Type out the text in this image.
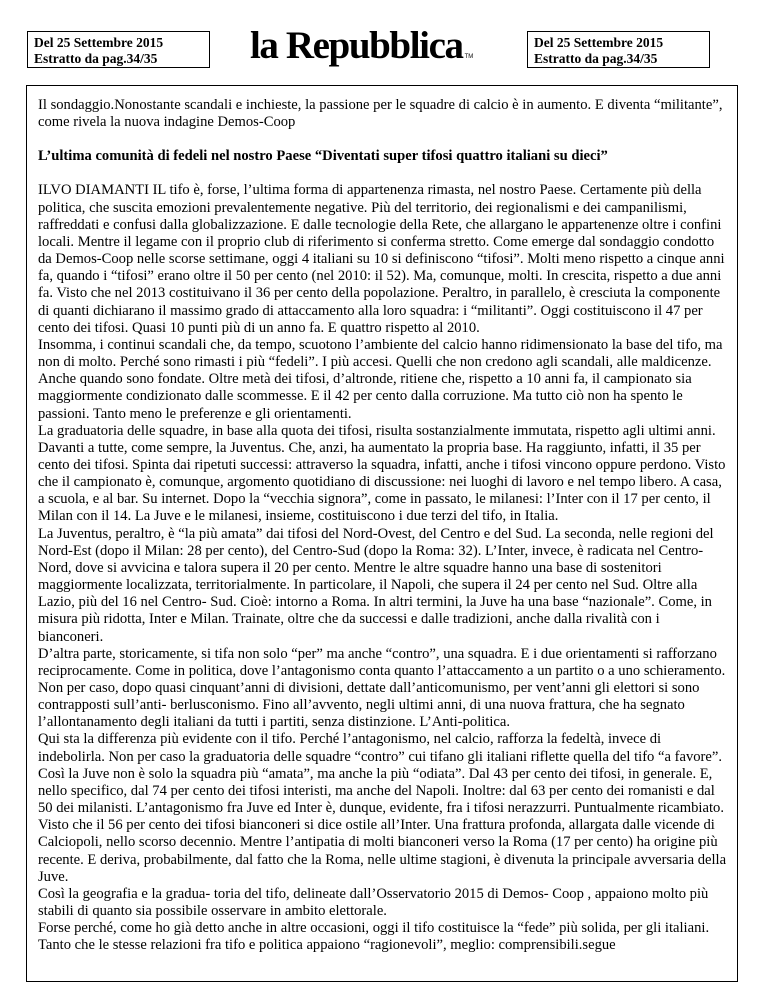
Del 25 Settembre 2015
Estratto da pag.34/35	la Repubblica TM
Del 25 Settembre 2015
Estratto da pag.34/35

Il sondaggio.Nonostante scandali e inchieste, la passione per le squadre di calcio è in aumento. E diventa “militante”, come rivela la nuova indagine Demos-Coop

L’ultima comunità di fedeli nel nostro Paese “Diventati super tifosi quattro italiani su dieci”

ILVO DIAMANTI IL tifo è, forse, l’ultima forma di appartenenza rimasta, nel nostro Paese. Certamente più della politica, che suscita emozioni prevalentemente negative. Più del territorio, dei regionalismi e dei campanilismi, raffreddati e confusi dalla globalizzazione. E dalle tecnologie della Rete, che allargano le appartenenze oltre i confini locali. Mentre il legame con il proprio club di riferimento si conferma stretto. Come emerge dal sondaggio condotto da Demos-Coop nelle scorse settimane, oggi 4 italiani su 10 si definiscono “tifosi”. Molti meno rispetto a cinque anni fa, quando i “tifosi” erano oltre il 50 per cento (nel 2010: il 52). Ma, comunque, molti. In crescita, rispetto a due anni fa. Visto che nel 2013 costituivano il 36 per cento della popolazione. Peraltro, in parallelo, è cresciuta la componente di quanti dichiarano il massimo grado di attaccamento alla loro squadra: i “militanti”. Oggi costituiscono il 47 per cento dei tifosi. Quasi 10 punti più di un anno fa. E quattro rispetto al 2010.

Insomma, i continui scandali che, da tempo, scuotono l’ambiente del calcio hanno ridimensionato la base del tifo, ma non di molto. Perché sono rimasti i più “fedeli”. I più accesi. Quelli che non credono agli scandali, alle maldicenze. Anche quando sono fondate. Oltre metà dei tifosi, d’altronde, ritiene che, rispetto a 10 anni fa, il campionato sia maggiormente condizionato dalle scommesse. E il 42 per cento dalla corruzione. Ma tutto ciò non ha spento le passioni. Tanto meno le preferenze e gli orientamenti.

La graduatoria delle squadre, in base alla quota dei tifosi, risulta sostanzialmente immutata, rispetto agli ultimi anni. Davanti a tutte, come sempre, la Juventus. Che, anzi, ha aumentato la propria base. Ha raggiunto, infatti, il 35 per cento dei tifosi. Spinta dai ripetuti successi: attraverso la squadra, infatti, anche i tifosi vincono oppure perdono. Visto che il campionato è, comunque, argomento quotidiano di discussione: nei luoghi di lavoro e nel tempo libero. A casa, a scuola, e al bar. Su internet. Dopo la “vecchia signora”, come in passato, le milanesi: l’Inter con il 17 per cento, il Milan con il 14. La Juve e le milanesi, insieme, costituiscono i due terzi del tifo, in Italia.

La Juventus, peraltro, è “la più amata” dai tifosi del Nord-Ovest, del Centro e del Sud. La seconda, nelle regioni del Nord-Est (dopo il Milan: 28 per cento), del Centro-Sud (dopo la Roma: 32). L’Inter, invece, è radicata nel Centro-Nord, dove si avvicina e talora supera il 20 per cento. Mentre le altre squadre hanno una base di sostenitori maggiormente localizzata, territorialmente. In particolare, il Napoli, che supera il 24 per cento nel Sud. Oltre alla Lazio, più del 16 nel Centro- Sud. Cioè: intorno a Roma. In altri termini, la Juve ha una base “nazionale”. Come, in misura più ridotta, Inter e Milan. Trainate, oltre che da successi e dalle tradizioni, anche dalla rivalità con i bianconeri.

D’altra parte, storicamente, si tifa non solo “per” ma anche “contro”, una squadra. E i due orientamenti si rafforzano reciprocamente. Come in politica, dove l’antagonismo conta quanto l’attaccamento a un partito o a uno schieramento. Non per caso, dopo quasi cinquant’anni di divisioni, dettate dall’anticomunismo, per vent’anni gli elettori si sono contrapposti sull’anti- berlusconismo. Fino all’avvento, negli ultimi anni, di una nuova frattura, che ha segnato l’allontanamento degli italiani da tutti i partiti, senza distinzione. L’Anti-politica.

Qui sta la differenza più evidente con il tifo. Perché l’antagonismo, nel calcio, rafforza la fedeltà, invece di indebolirla. Non per caso la graduatoria delle squadre “contro” cui tifano gli italiani riflette quella del tifo “a favore”. Così la Juve non è solo la squadra più “amata”, ma anche la più “odiata”. Dal 43 per cento dei tifosi, in generale. E, nello specifico, dal 74 per cento dei tifosi interisti, ma anche del Napoli. Inoltre: dal 63 per cento dei romanisti e dal 50 dei milanisti. L’antagonismo fra Juve ed Inter è, dunque, evidente, fra i tifosi nerazzurri. Puntualmente ricambiato. Visto che il 56 per cento dei tifosi bianconeri si dice ostile all’Inter. Una frattura profonda, allargata dalle vicende di Calciopoli, nello scorso decennio. Mentre l’antipatia di molti bianconeri verso la Roma (17 per cento) ha origine più recente. E deriva, probabilmente, dal fatto che la Roma, nelle ultime stagioni, è divenuta la principale avversaria della Juve.

Così la geografia e la gradua- toria del tifo, delineate dall’Osservatorio 2015 di Demos- Coop , appaiono molto più stabili di quanto sia possibile osservare in ambito elettorale.

Forse perché, come ho già detto anche in altre occasioni, oggi il tifo costituisce la “fede” più solida, per gli italiani. Tanto che le stesse relazioni fra tifo e politica appaiono “ragionevoli”, meglio: comprensibili.segue
